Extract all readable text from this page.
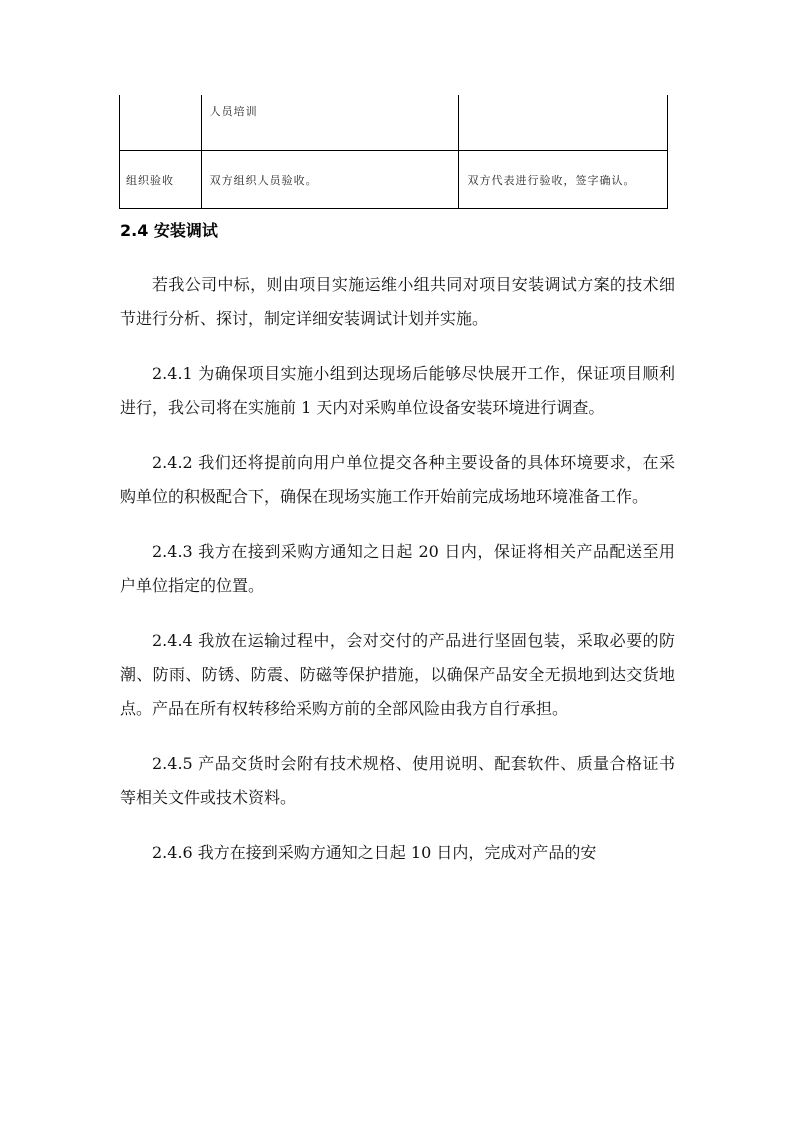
	人员培训	
组织验收	双方组织人员验收。	双方代表进行验收，签字确认。
2.4 安装调试

若我公司中标，则由项目实施运维小组共同对项目安装调试方案的技术细节进行分析、探讨，制定详细安装调试计划并实施。

2.4.1 为确保项目实施小组到达现场后能够尽快展开工作，保证项目顺利进行，我公司将在实施前 1 天内对采购单位设备安装环境进行调查。

2.4.2 我们还将提前向用户单位提交各种主要设备的具体环境要求，在采购单位的积极配合下，确保在现场实施工作开始前完成场地环境准备工作。

2.4.3 我方在接到采购方通知之日起 20 日内，保证将相关产品配送至用户单位指定的位置。

2.4.4 我放在运输过程中，会对交付的产品进行坚固包装，采取必要的防潮、防雨、防锈、防震、防磁等保护措施，以确保产品安全无损地到达交货地点。产品在所有权转移给采购方前的全部风险由我方自行承担。

2.4.5 产品交货时会附有技术规格、使用说明、配套软件、质量合格证书等相关文件或技术资料。

2.4.6 我方在接到采购方通知之日起 10 日内，完成对产品的安
